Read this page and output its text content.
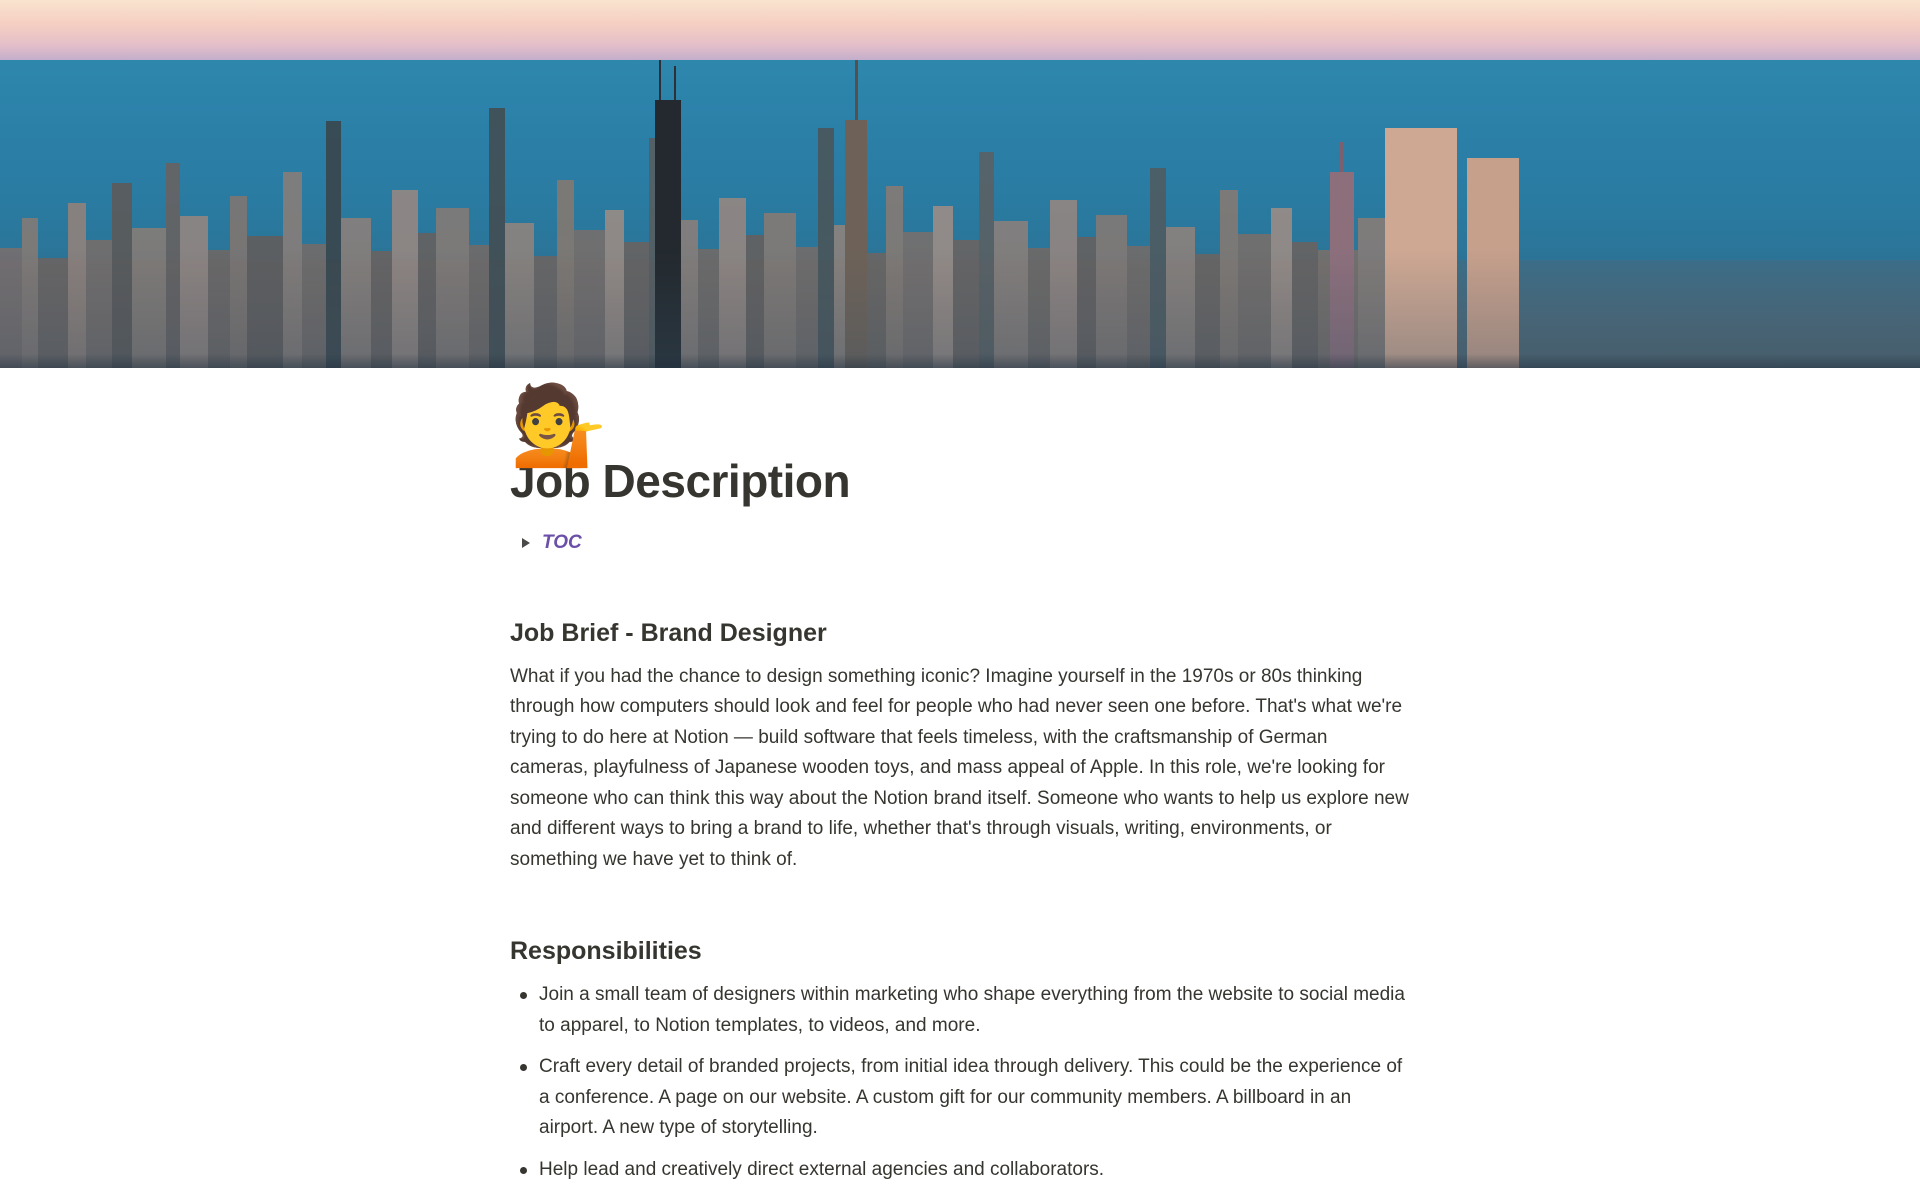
💁
Job Description
TOC
Job Brief - Brand Designer

What if you had the chance to design something iconic? Imagine yourself in the 1970s or 80s thinking through how computers should look and feel for people who had never seen one before. That's what we're trying to do here at Notion — build software that feels timeless, with the craftsmanship of German cameras, playfulness of Japanese wooden toys, and mass appeal of Apple. In this role, we're looking for someone who can think this way about the Notion brand itself. Someone who wants to help us explore new and different ways to bring a brand to life, whether that's through visuals, writing, environments, or something we have yet to think of.

Responsibilities
Join a small team of designers within marketing who shape everything from the website to social media to apparel, to Notion templates, to videos, and more.
Craft every detail of branded projects, from initial idea through delivery. This could be the experience of a conference. A page on our website. A custom gift for our community members. A billboard in an airport. A new type of storytelling.
Help lead and creatively direct external agencies and collaborators.
